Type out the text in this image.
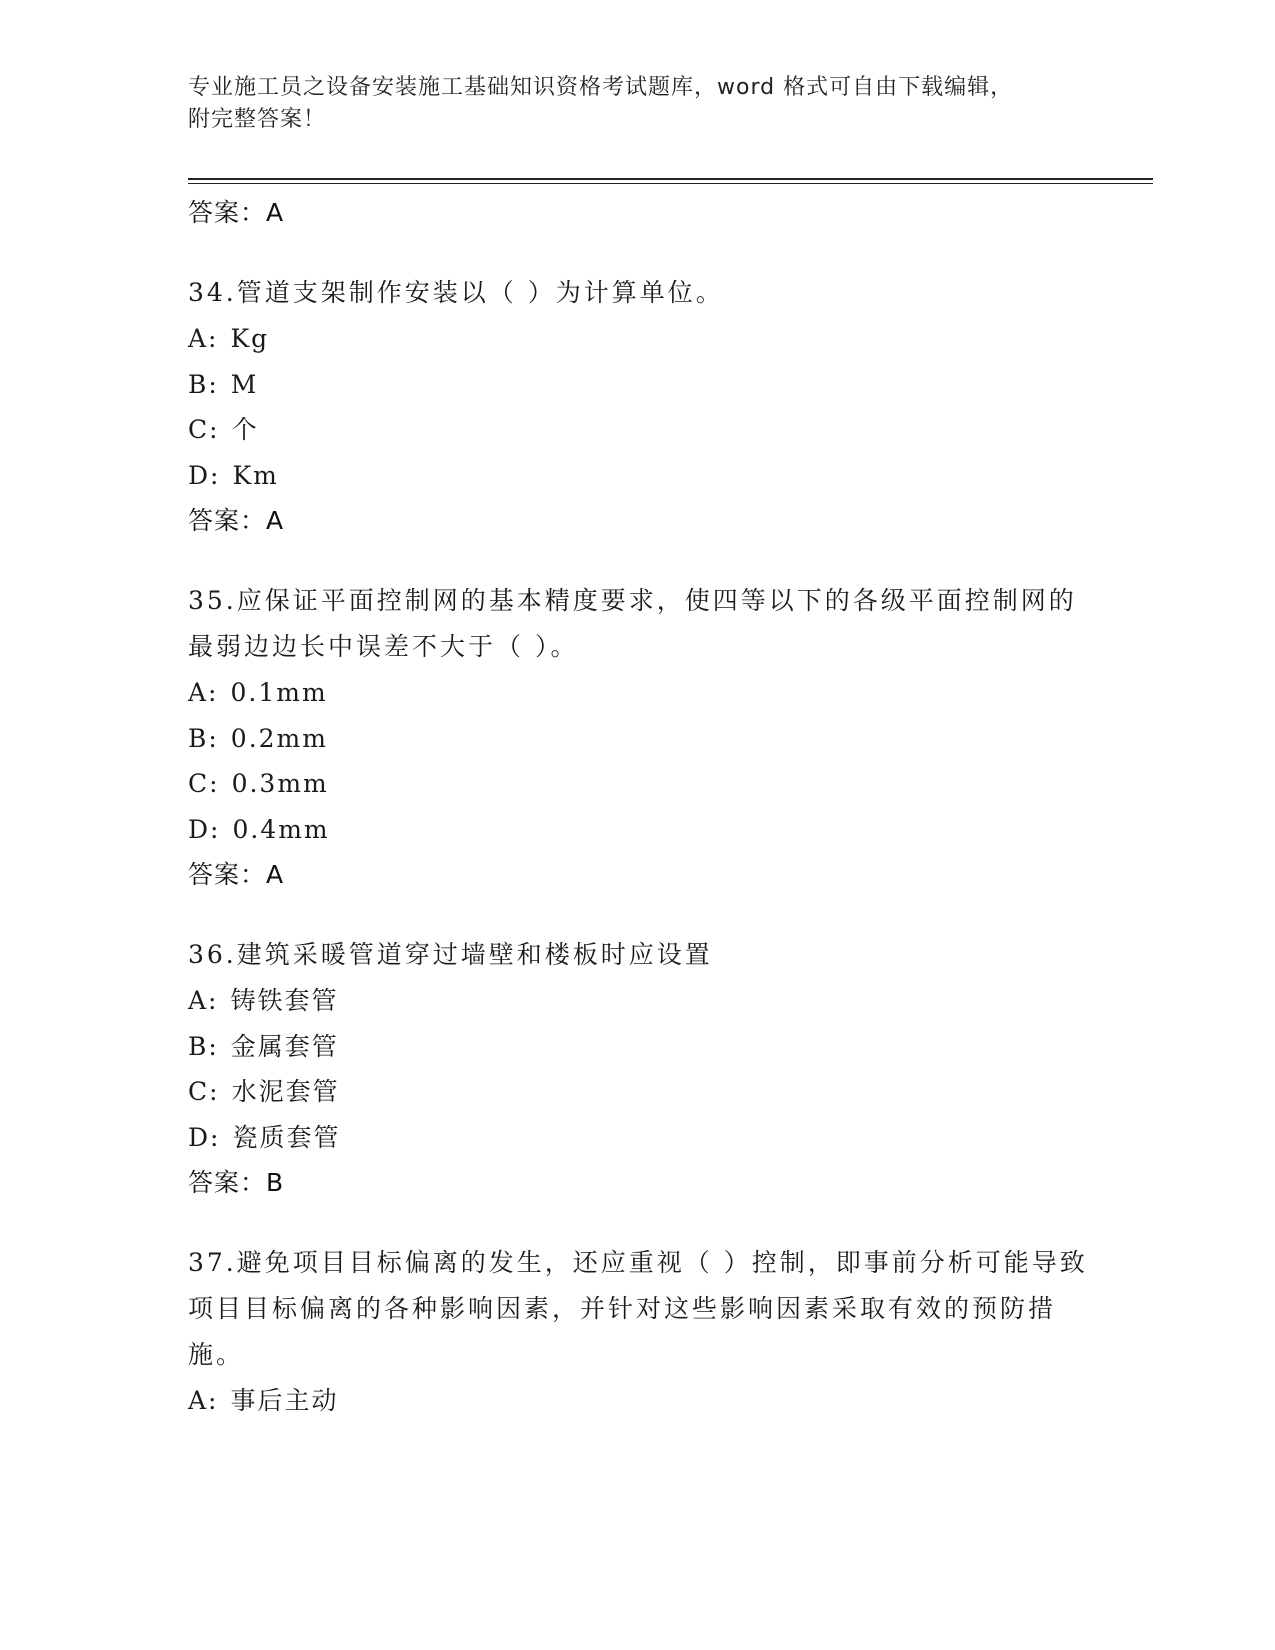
专业施工员之设备安装施工基础知识资格考试题库，word 格式可自由下载编辑，
附完整答案！
答案：A

34.管道支架制作安装以（ ）为计算单位。

A: Kg
B: M
C: 个
D: Km
答案：A

35.应保证平面控制网的基本精度要求，使四等以下的各级平面控制网的最弱边边长中误差不大于（ ）。

A: 0.1mm
B: 0.2mm
C: 0.3mm
D: 0.4mm
答案：A

36.建筑采暖管道穿过墙壁和楼板时应设置

A: 铸铁套管
B: 金属套管
C: 水泥套管
D: 瓷质套管
答案：B

37.避免项目目标偏离的发生，还应重视（ ）控制，即事前分析可能导致项目目标偏离的各种影响因素，并针对这些影响因素采取有效的预防措施。

A: 事后主动
